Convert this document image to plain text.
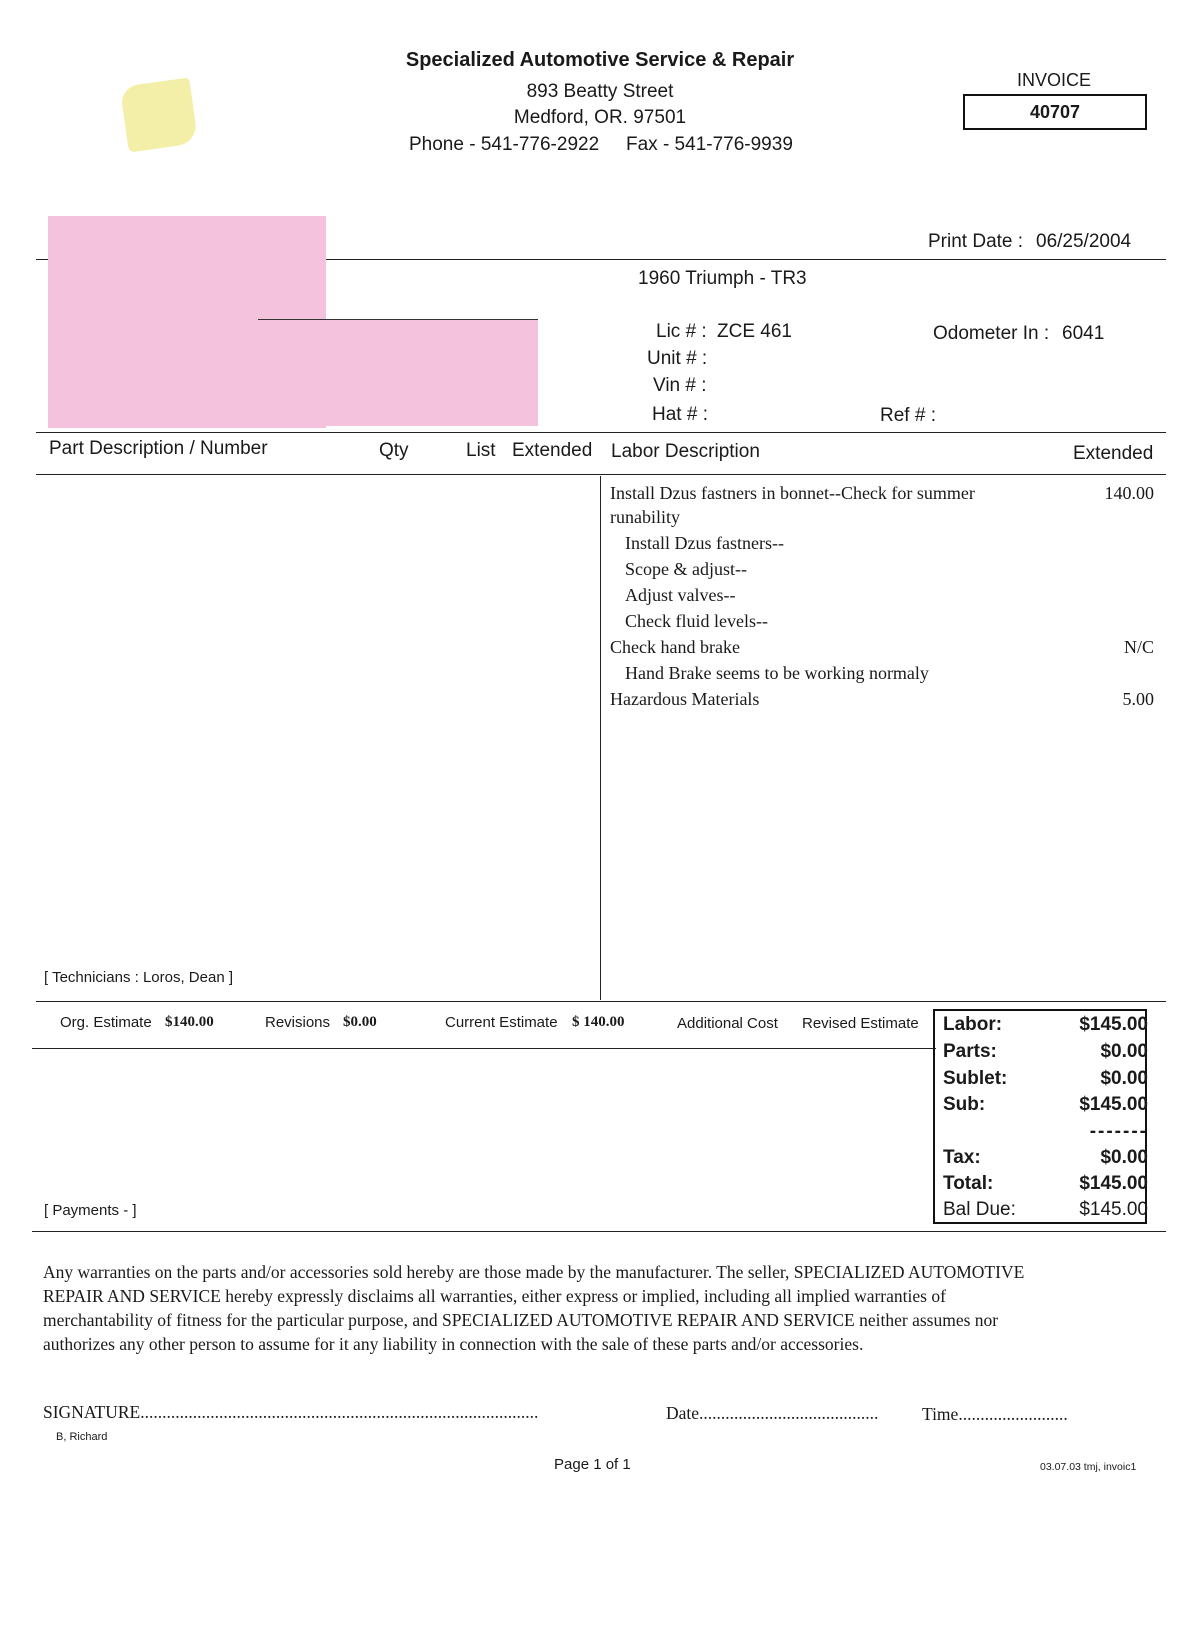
Specialized Automotive Service & Repair
893 Beatty Street
Medford, OR. 97501
Phone - 541-776-2922 Fax - 541-776-9939
INVOICE
40707
Print Date : 06/25/2004
1960 Triumph - TR3
Lic # : ZCE 461
Unit # :
Vin # :
Hat # :
Odometer In : 6041
Ref # :
Part Description / Number	Qty	List Extended Labor Description	Extended
Install Dzus fastners in bonnet--Check for summer	140.00
runability
Install Dzus fastners--
Scope & adjust--
Adjust valves--
Check fluid levels--
Check hand brake	N/C
Hand Brake seems to be working normaly
Hazardous Materials	5.00
[ Technicians : Loros, Dean ]
Org. Estimate $140.00	Revisions $0.00	Current Estimate $ 140.00	Additional Cost Revised Estimate Labor:	$145.00
Parts:	$0.00
Sublet:	$0.00
Sub:	$145.00
-------
Tax:	$0.00
Total:	$145.00
Bal Due:	$145.00
[ Payments - ]
Any warranties on the parts and/or accessories sold hereby are those made by the manufacturer. The seller, SPECIALIZED AUTOMOTIVE
REPAIR AND SERVICE hereby expressly disclaims all warranties, either express or implied, including all implied warranties of
merchantability of fitness for the particular purpose, and SPECIALIZED AUTOMOTIVE REPAIR AND SERVICE neither assumes nor
authorizes any other person to assume for it any liability in connection with the sale of these parts and/or accessories.
SIGNATURE...........................................................................................	Date.........................................	Time.........................
B, Richard
Page 1 of 1	03.07.03 tmj, invoic1
